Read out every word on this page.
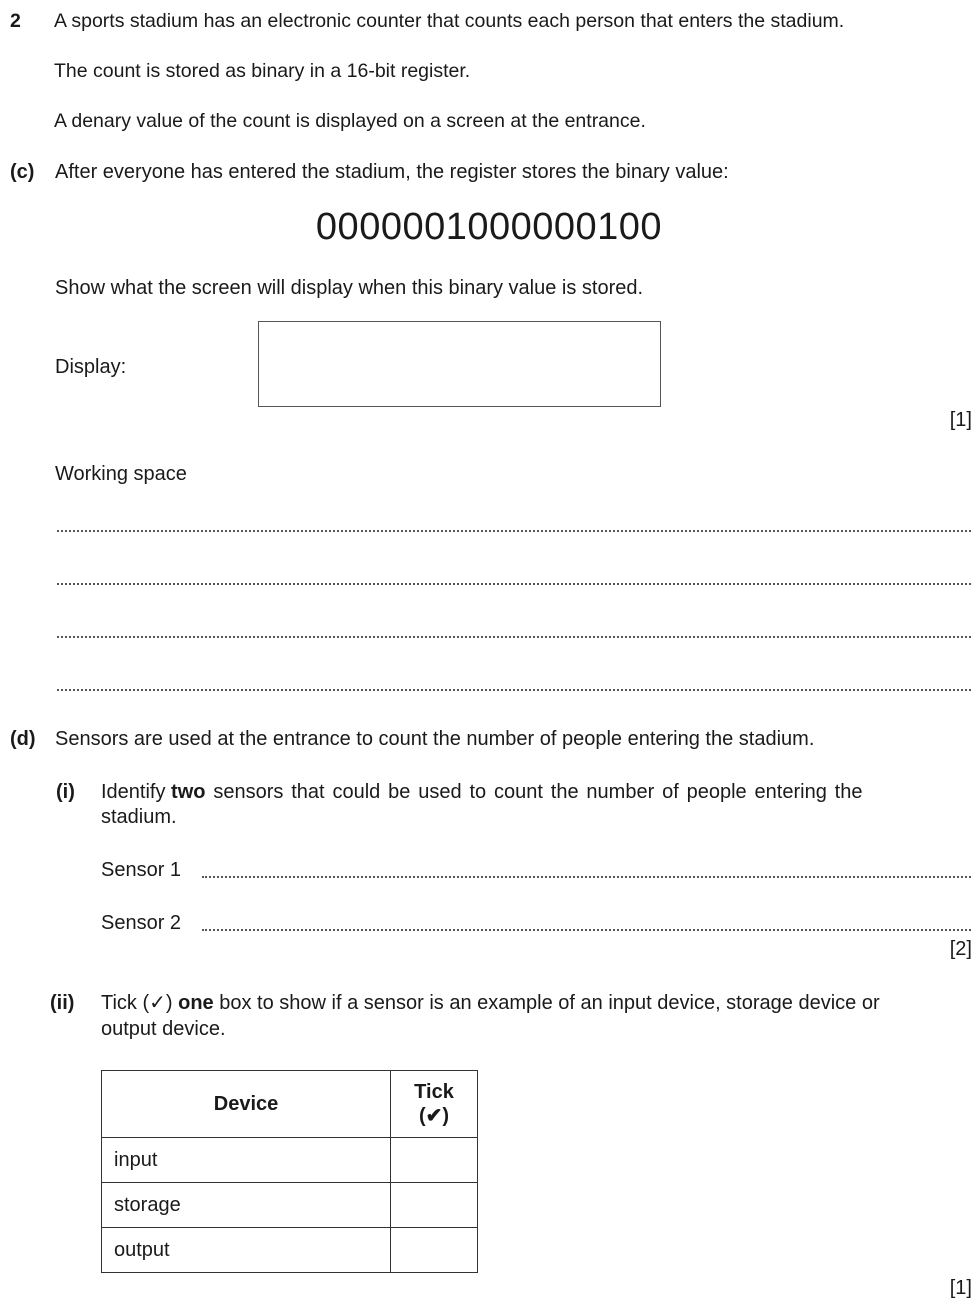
2 A sports stadium has an electronic counter that counts each person that enters the stadium.
The count is stored as binary in a 16-bit register.
A denary value of the count is displayed on a screen at the entrance.
(c) After everyone has entered the stadium, the register stores the binary value:
0000001000000100
Show what the screen will display when this binary value is stored.
Display:
[1]
Working space
(d) Sensors are used at the entrance to count the number of people entering the stadium.
(i) Identify two sensors that could be used to count the number of people entering the
stadium.
Sensor 1
Sensor 2
[2]
(ii) Tick (✓) one box to show if a sensor is an example of an input device, storage device or
output device.
Device	Tick
(✔)
input	
storage	
output	
[1]
